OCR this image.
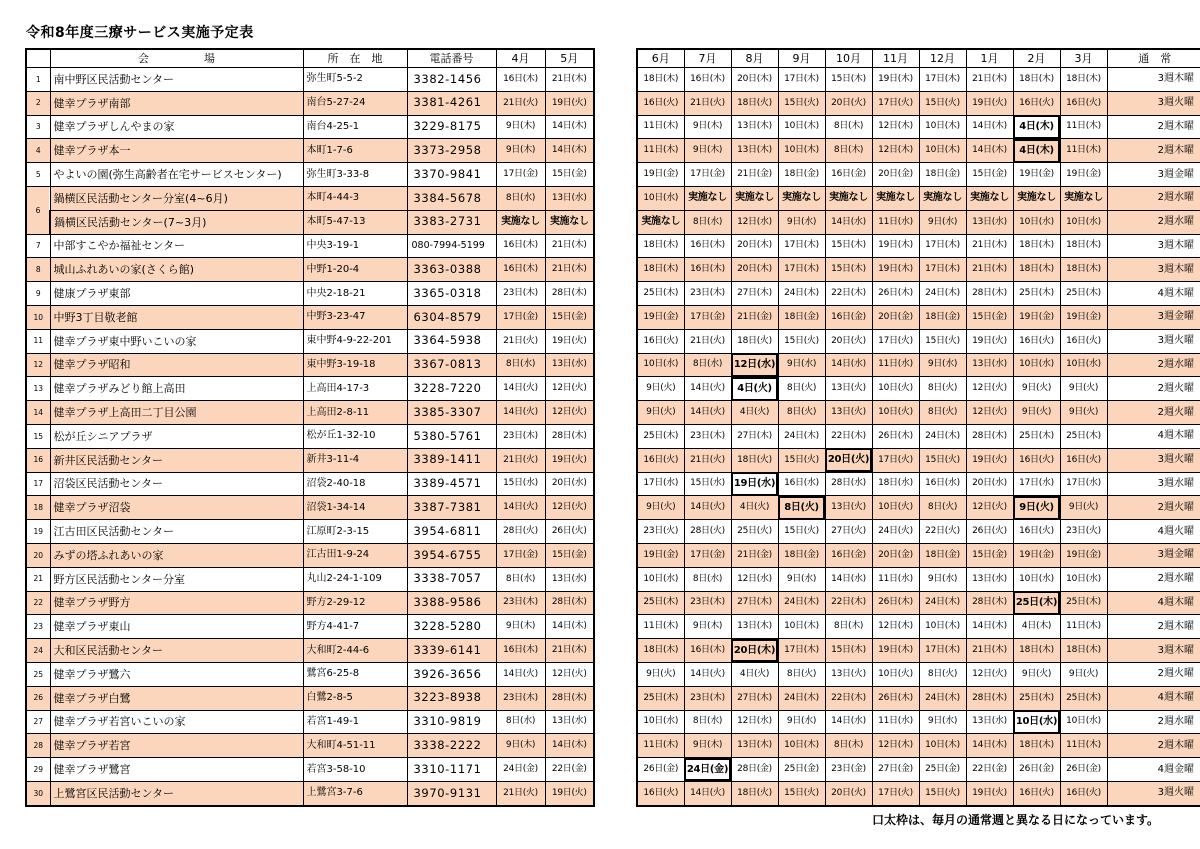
令和8年度三療サービス実施予定表
	会　　　　　場	所　在　地	電話番号	4月	5月
1	南中野区民活動センター	弥生町5-5-2	3382-1456	16日(木)	21日(木)
2	健幸プラザ南部	南台5-27-24	3381-4261	21日(火)	19日(火)
3	健幸プラザしんやまの家	南台4-25-1	3229-8175	9日(木)	14日(木)
4	健幸プラザ本一	本町1-7-6	3373-2958	9日(木)	14日(木)
5	やよいの園(弥生高齢者在宅サービスセンター)	弥生町3-33-8	3370-9841	17日(金)	15日(金)
6	鍋横区民活動センター分室(4~6月)	本町4-44-3	3384-5678	8日(水)	13日(水)
	鍋横区民活動センター(7~3月)	本町5-47-13	3383-2731	実施なし	実施なし
7	中部すこやか福祉センター	中央3-19-1	080-7994-5199	16日(木)	21日(木)
8	城山ふれあいの家(さくら館)	中野1-20-4	3363-0388	16日(木)	21日(木)
9	健康プラザ東部	中央2-18-21	3365-0318	23日(木)	28日(木)
10	中野3丁目敬老館	中野3-23-47	6304-8579	17日(金)	15日(金)
11	健幸プラザ東中野いこいの家	東中野4-9-22-201	3364-5938	21日(火)	19日(火)
12	健幸プラザ昭和	東中野3-19-18	3367-0813	8日(水)	13日(水)
13	健幸プラザみどり館上高田	上高田4-17-3	3228-7220	14日(火)	12日(火)
14	健幸プラザ上高田二丁目公園	上高田2-8-11	3385-3307	14日(火)	12日(火)
15	松が丘シニアプラザ	松が丘1-32-10	5380-5761	23日(木)	28日(木)
16	新井区民活動センター	新井3-11-4	3389-1411	21日(火)	19日(火)
17	沼袋区民活動センター	沼袋2-40-18	3389-4571	15日(水)	20日(水)
18	健幸プラザ沼袋	沼袋1-34-14	3387-7381	14日(火)	12日(火)
19	江古田区民活動センター	江原町2-3-15	3954-6811	28日(火)	26日(火)
20	みずの塔ふれあいの家	江古田1-9-24	3954-6755	17日(金)	15日(金)
21	野方区民活動センター分室	丸山2-24-1-109	3338-7057	8日(水)	13日(水)
22	健幸プラザ野方	野方2-29-12	3388-9586	23日(木)	28日(木)
23	健幸プラザ東山	野方4-41-7	3228-5280	9日(木)	14日(木)
24	大和区民活動センター	大和町2-44-6	3339-6141	16日(木)	21日(木)
25	健幸プラザ鷺六	鷺宮6-25-8	3926-3656	14日(火)	12日(火)
26	健幸プラザ白鷺	白鷺2-8-5	3223-8938	23日(木)	28日(木)
27	健幸プラザ若宮いこいの家	若宮1-49-1	3310-9819	8日(水)	13日(水)
28	健幸プラザ若宮	大和町4-51-11	3338-2222	9日(木)	14日(木)
29	健幸プラザ鷺宮	若宮3-58-10	3310-1171	24日(金)	22日(金)
30	上鷺宮区民活動センター	上鷺宮3-7-6	3970-9131	21日(火)	19日(火)
6月	7月	8月	9月	10月	11月	12月	1月	2月	3月	通　常
18日(木)	16日(木)	20日(木)	17日(木)	15日(木)	19日(木)	17日(木)	21日(木)	18日(木)	18日(木)	3週木曜
16日(火)	21日(火)	18日(火)	15日(火)	20日(火)	17日(火)	15日(火)	19日(火)	16日(火)	16日(火)	3週火曜
11日(木)	9日(木)	13日(木)	10日(木)	8日(木)	12日(木)	10日(木)	14日(木)	4日(木)	11日(木)	2週木曜
11日(木)	9日(木)	13日(木)	10日(木)	8日(木)	12日(木)	10日(木)	14日(木)	4日(木)	11日(木)	2週木曜
19日(金)	17日(金)	21日(金)	18日(金)	16日(金)	20日(金)	18日(金)	15日(金)	19日(金)	19日(金)	3週金曜
10日(水)	実施なし	実施なし	実施なし	実施なし	実施なし	実施なし	実施なし	実施なし	実施なし	2週水曜
実施なし	8日(水)	12日(水)	9日(水)	14日(水)	11日(水)	9日(水)	13日(水)	10日(水)	10日(水)	2週水曜
18日(木)	16日(木)	20日(木)	17日(木)	15日(木)	19日(木)	17日(木)	21日(木)	18日(木)	18日(木)	3週木曜
18日(木)	16日(木)	20日(木)	17日(木)	15日(木)	19日(木)	17日(木)	21日(木)	18日(木)	18日(木)	3週木曜
25日(木)	23日(木)	27日(木)	24日(木)	22日(木)	26日(木)	24日(木)	28日(木)	25日(木)	25日(木)	4週木曜
19日(金)	17日(金)	21日(金)	18日(金)	16日(金)	20日(金)	18日(金)	15日(金)	19日(金)	19日(金)	3週金曜
16日(火)	21日(火)	18日(火)	15日(火)	20日(火)	17日(火)	15日(火)	19日(火)	16日(火)	16日(火)	3週火曜
10日(水)	8日(水)	12日(水)	9日(水)	14日(水)	11日(水)	9日(水)	13日(水)	10日(水)	10日(水)	2週水曜
9日(火)	14日(火)	4日(火)	8日(火)	13日(火)	10日(火)	8日(火)	12日(火)	9日(火)	9日(火)	2週火曜
9日(火)	14日(火)	4日(火)	8日(火)	13日(火)	10日(火)	8日(火)	12日(火)	9日(火)	9日(火)	2週火曜
25日(木)	23日(木)	27日(木)	24日(木)	22日(木)	26日(木)	24日(木)	28日(木)	25日(木)	25日(木)	4週木曜
16日(火)	21日(火)	18日(火)	15日(火)	20日(火)	17日(火)	15日(火)	19日(火)	16日(火)	16日(火)	3週火曜
17日(水)	15日(水)	19日(水)	16日(水)	28日(水)	18日(水)	16日(水)	20日(水)	17日(水)	17日(水)	3週水曜
9日(火)	14日(火)	4日(火)	8日(火)	13日(火)	10日(火)	8日(火)	12日(火)	9日(火)	9日(火)	2週火曜
23日(火)	28日(火)	25日(火)	15日(火)	27日(火)	24日(火)	22日(火)	26日(火)	16日(火)	23日(火)	4週火曜
19日(金)	17日(金)	21日(金)	18日(金)	16日(金)	20日(金)	18日(金)	15日(金)	19日(金)	19日(金)	3週金曜
10日(水)	8日(水)	12日(水)	9日(水)	14日(水)	11日(水)	9日(水)	13日(水)	10日(水)	10日(水)	2週水曜
25日(木)	23日(木)	27日(木)	24日(木)	22日(木)	26日(木)	24日(木)	28日(木)	25日(木)	25日(木)	4週木曜
11日(木)	9日(木)	13日(木)	10日(木)	8日(木)	12日(木)	10日(木)	14日(木)	4日(木)	11日(木)	2週木曜
18日(木)	16日(木)	20日(木)	17日(木)	15日(木)	19日(木)	17日(木)	21日(木)	18日(木)	18日(木)	3週木曜
9日(火)	14日(火)	4日(火)	8日(火)	13日(火)	10日(火)	8日(火)	12日(火)	9日(火)	9日(火)	2週火曜
25日(木)	23日(木)	27日(木)	24日(木)	22日(木)	26日(木)	24日(木)	28日(木)	25日(木)	25日(木)	4週木曜
10日(水)	8日(水)	12日(水)	9日(水)	14日(水)	11日(水)	9日(水)	13日(水)	10日(水)	10日(水)	2週水曜
11日(木)	9日(木)	13日(木)	10日(木)	8日(木)	12日(木)	10日(木)	14日(木)	18日(木)	11日(木)	2週木曜
26日(金)	24日(金)	28日(金)	25日(金)	23日(金)	27日(金)	25日(金)	22日(金)	26日(金)	26日(金)	4週金曜
16日(火)	14日(火)	18日(火)	15日(火)	20日(火)	17日(火)	15日(火)	19日(火)	16日(火)	16日(火)	3週火曜
口太枠は、毎月の通常週と異なる日になっています。
